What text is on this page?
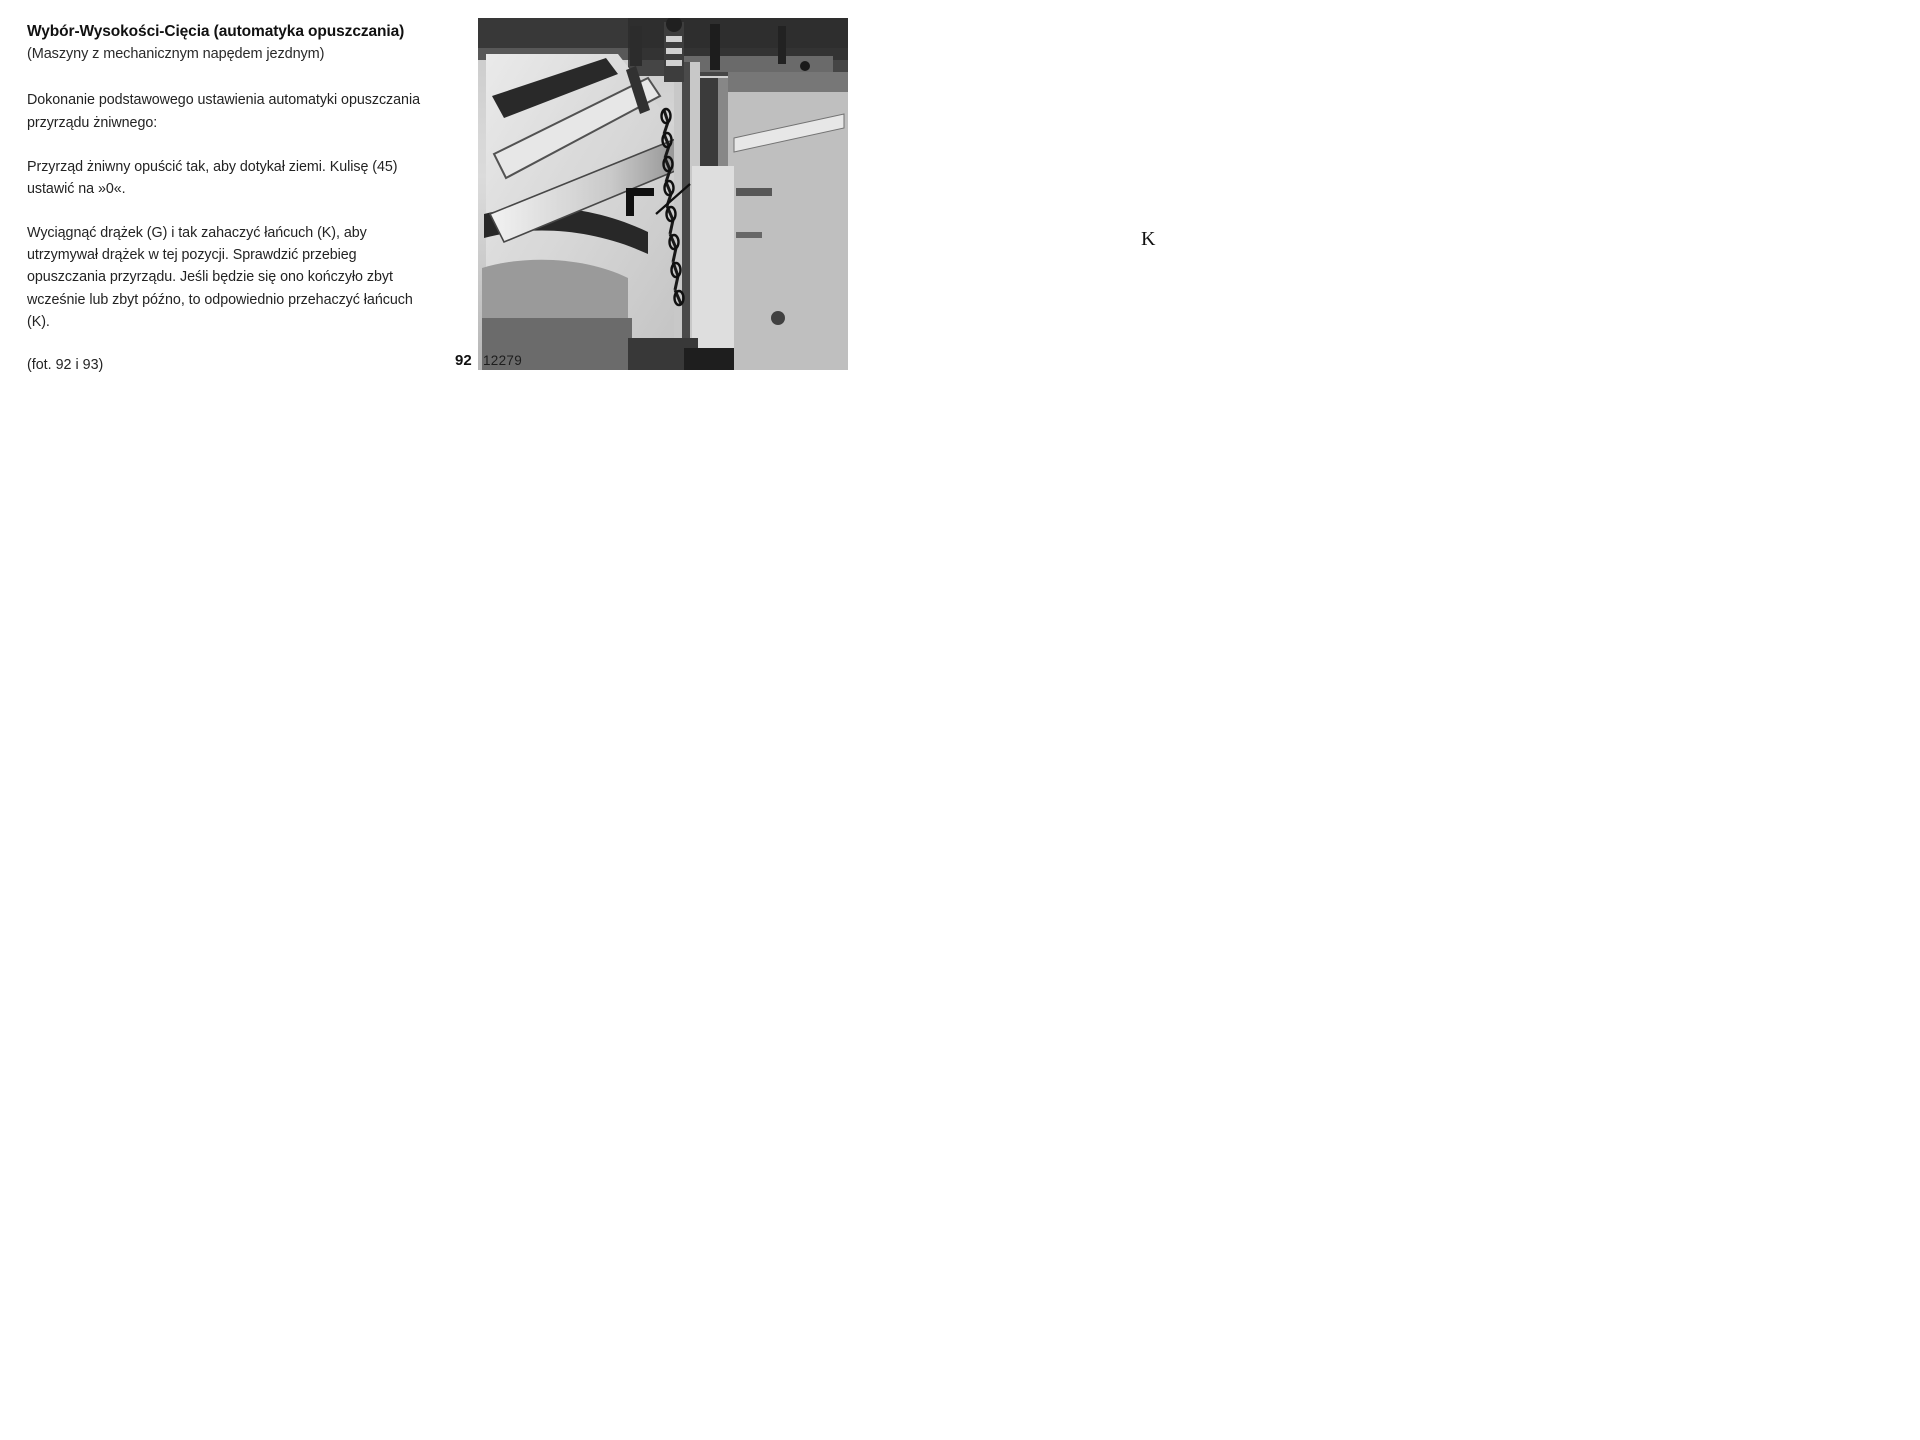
Wybór-Wysokości-Cięcia (automatyka opuszczania)
(Maszyny z mechanicznym napędem jezdnym)

Dokonanie podstawowego ustawienia automatyki opuszczania przyrządu żniwnego:

Przyrząd żniwny opuścić tak, aby dotykał ziemi. Kulisę (45) ustawić na »0«.

Wyciągnąć drążek (G) i tak zahaczyć łańcuch (K), aby utrzymywał drążek w tej pozycji. Sprawdzić przebieg opuszczania przyrządu. Jeśli będzie się ono kończyło zbyt wcześnie lub zbyt późno, to odpowiednio przehaczyć łańcuch (K).

(fot. 92 i 93)

K
92 12279
